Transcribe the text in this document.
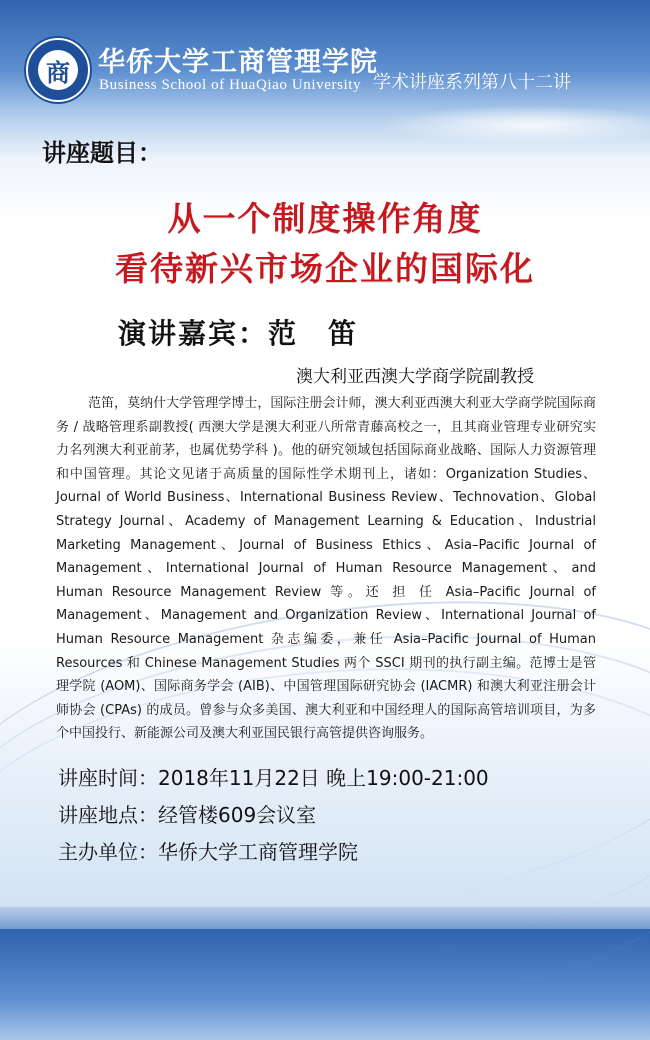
商 华侨大学工商管理学院
Business School of HuaQiao University 学术讲座系列第八十二讲
讲座题目：
从一个制度操作角度
看待新兴市场企业的国际化
演讲嘉宾：范　笛
澳大利亚西澳大学商学院副教授

范笛，莫纳什大学管理学博士，国际注册会计师，澳大利亚西澳大利亚大学商学院国际商务 / 战略管理系副教授( 西澳大学是澳大利亚八所常青藤高校之一，且其商业管理专业研究实力名列澳大利亚前茅，也属优势学科 )。他的研究领域包括国际商业战略、国际人力资源管理和中国管理。其论文见诸于高质量的国际性学术期刊上，诸如：Organization Studies、Journal of World Business、International Business Review、Technovation、Global Strategy Journal、Academy of Management Learning & Education、Industrial Marketing Management、Journal of Business Ethics、Asia–Pacific Journal of Management、International Journal of Human Resource Management、and Human Resource Management Review 等。还 担 任 Asia–Pacific Journal of Management、Management and Organization Review、International Journal of Human Resource Management 杂志编委，兼任 Asia–Pacific Journal of Human Resources 和 Chinese Management Studies 两个 SSCI 期刊的执行副主编。范博士是管理学院 (AOM)、国际商务学会 (AIB)、中国管理国际研究协会 (IACMR) 和澳大利亚注册会计师协会 (CPAs) 的成员。曾参与众多美国、澳大利亚和中国经理人的国际高管培训项目，为多个中国投行、新能源公司及澳大利亚国民银行高管提供咨询服务。

讲座时间：2018年11月22日 晚上19:00-21:00
讲座地点：经管楼609会议室
主办单位：华侨大学工商管理学院
